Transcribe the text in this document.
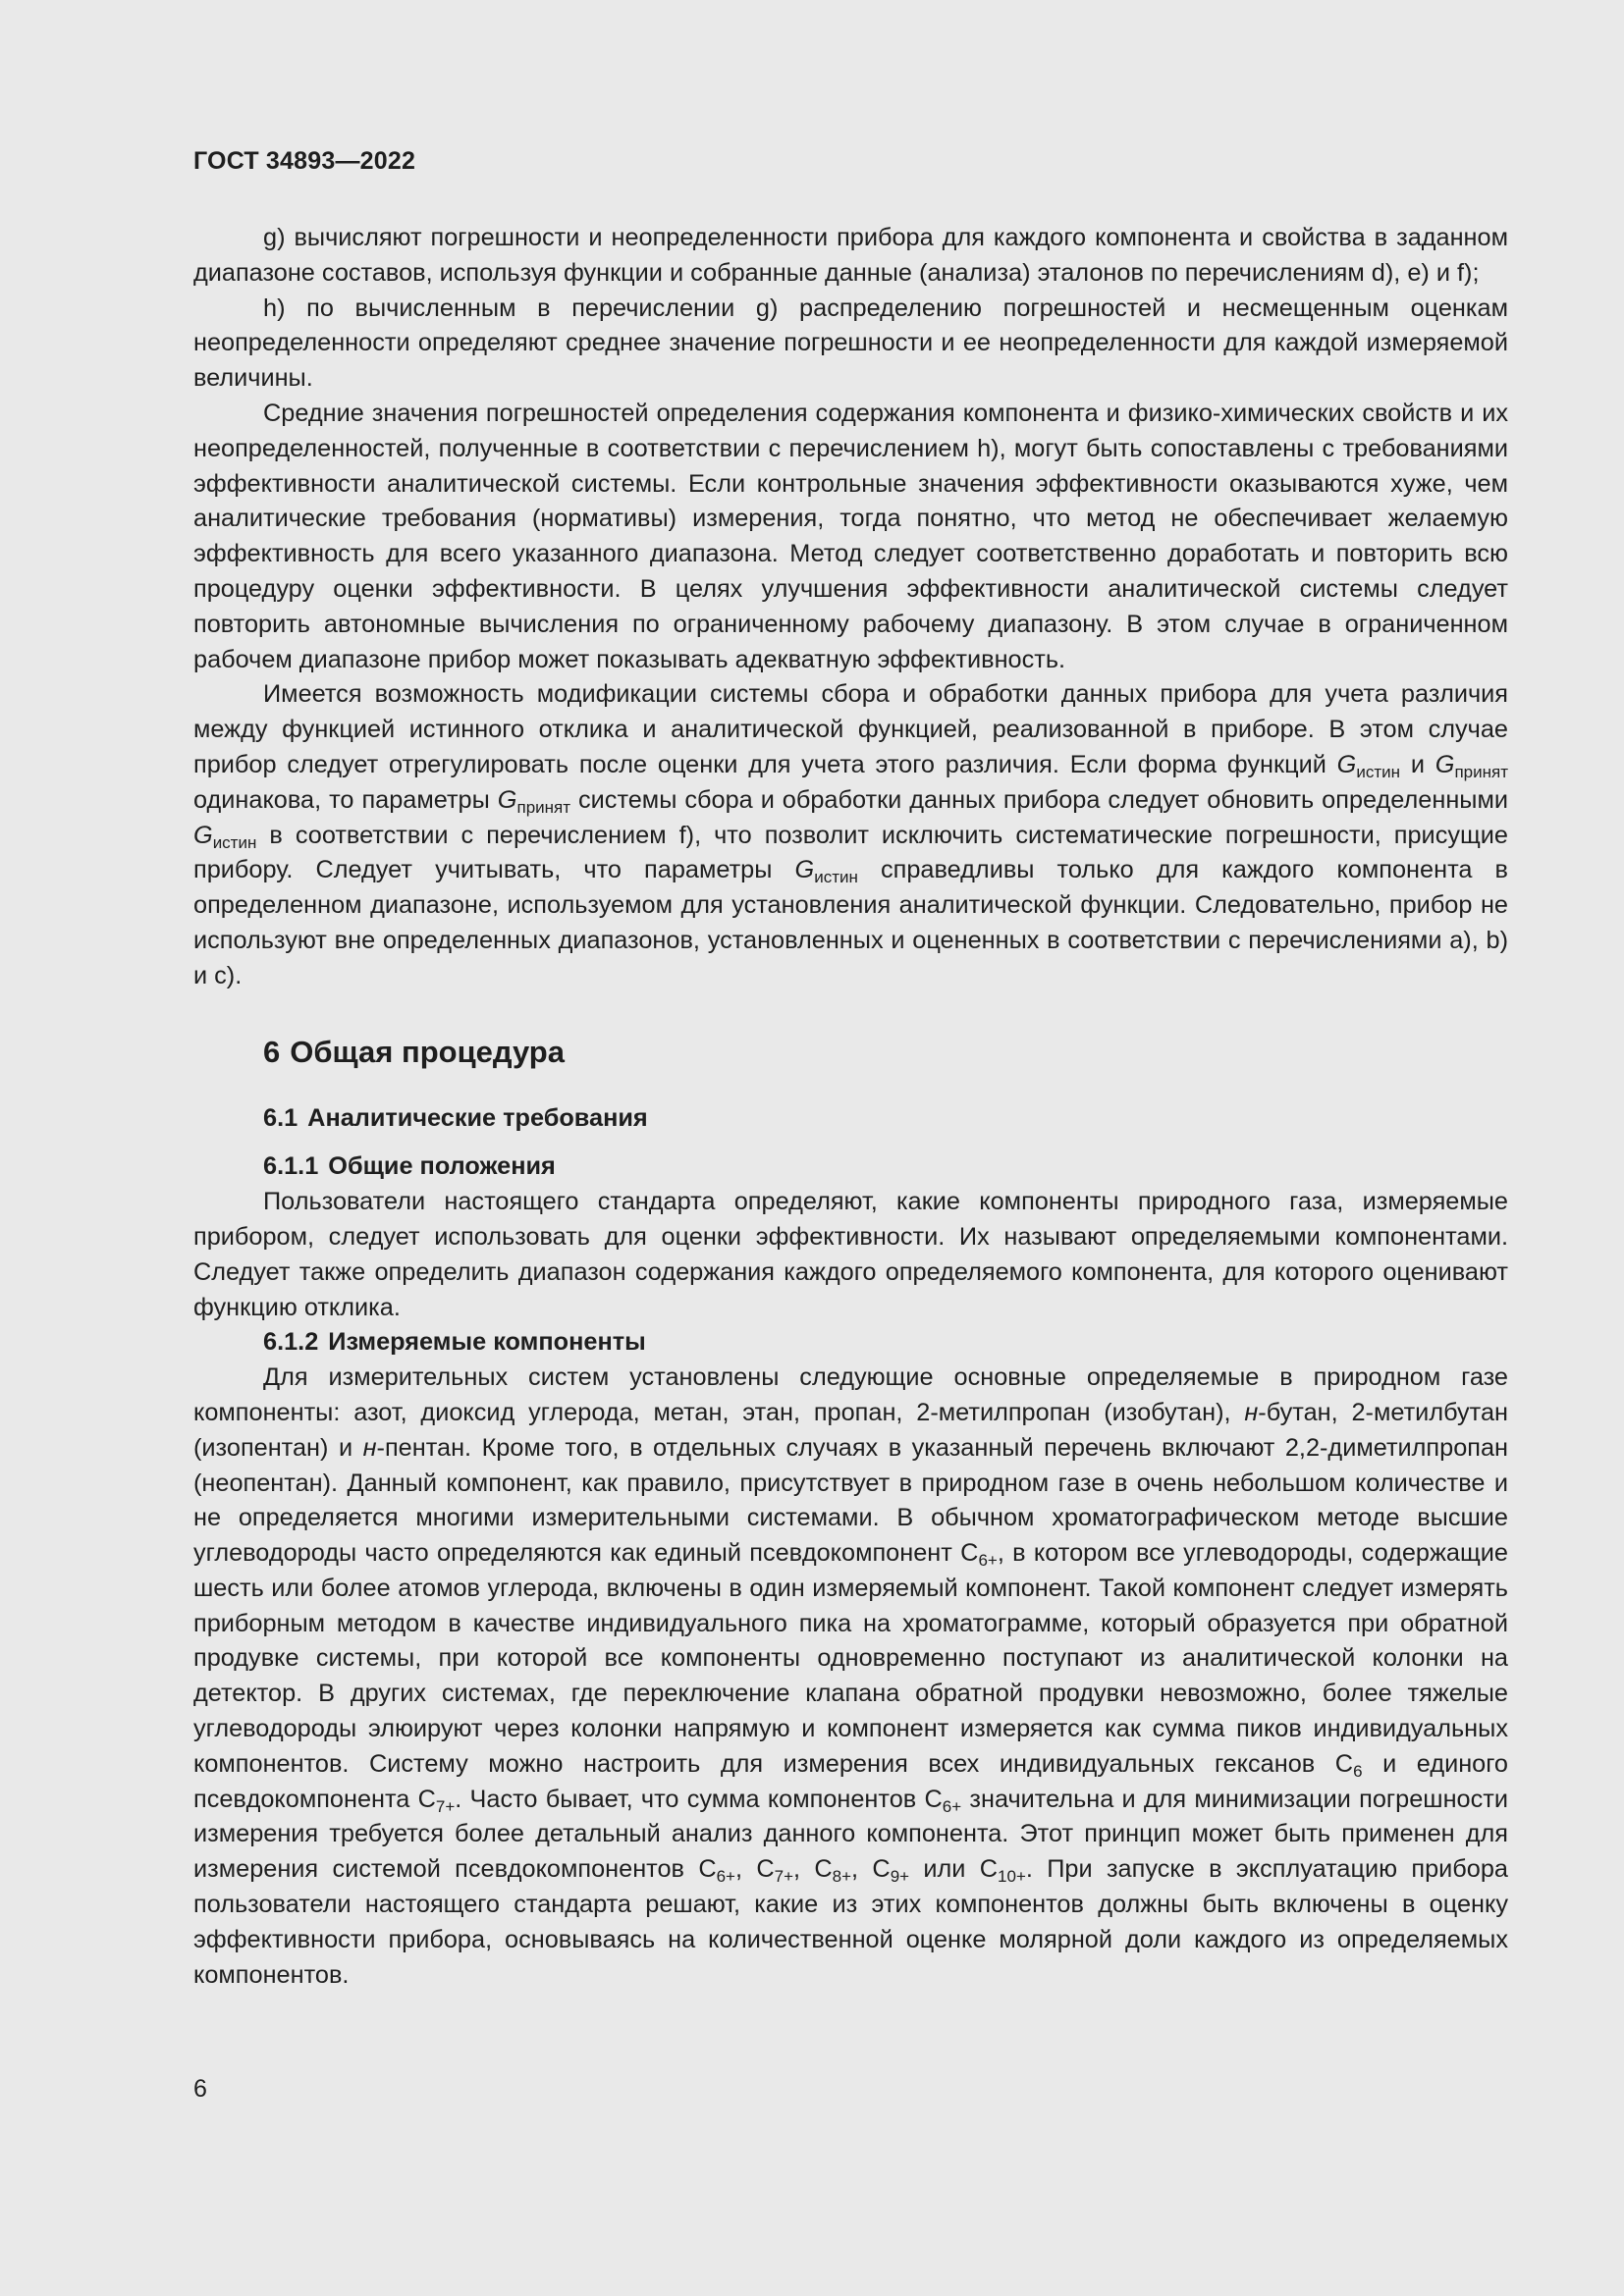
ГОСТ 34893—2022

g) вычисляют погрешности и неопределенности прибора для каждого компонента и свойства в заданном диапазоне составов, используя функции и собранные данные (анализа) эталонов по перечислениям d), e) и f);

h) по вычисленным в перечислении g) распределению погрешностей и несмещенным оценкам неопределенности определяют среднее значение погрешности и ее неопределенности для каждой измеряемой величины.

Средние значения погрешностей определения содержания компонента и физико-химических свойств и их неопределенностей, полученные в соответствии с перечислением h), могут быть сопоставлены с требованиями эффективности аналитической системы. Если контрольные значения эффективности оказываются хуже, чем аналитические требования (нормативы) измерения, тогда понятно, что метод не обеспечивает желаемую эффективность для всего указанного диапазона. Метод следует соответственно доработать и повторить всю процедуру оценки эффективности. В целях улучшения эффективности аналитической системы следует повторить автономные вычисления по ограниченному рабочему диапазону. В этом случае в ограниченном рабочем диапазоне прибор может показывать адекватную эффективность.

Имеется возможность модификации системы сбора и обработки данных прибора для учета различия между функцией истинного отклика и аналитической функцией, реализованной в приборе. В этом случае прибор следует отрегулировать после оценки для учета этого различия. Если форма функций $G_{истин}$ и $G_{принят}$ одинакова, то параметры $G_{принят}$ системы сбора и обработки данных прибора следует обновить определенными $G_{истин}$ в соответствии с перечислением f), что позволит исключить систематические погрешности, присущие прибору. Следует учитывать, что параметры $G_{истин}$ справедливы только для каждого компонента в определенном диапазоне, используемом для установления аналитической функции. Следовательно, прибор не используют вне определенных диапазонов, установленных и оцененных в соответствии с перечислениями a), b) и c).

6 Общая процедура
6.1 Аналитические требования
6.1.1 Общие положения

Пользователи настоящего стандарта определяют, какие компоненты природного газа, измеряемые прибором, следует использовать для оценки эффективности. Их называют определяемыми компонентами. Следует также определить диапазон содержания каждого определяемого компонента, для которого оценивают функцию отклика.

6.1.2 Измеряемые компоненты

Для измерительных систем установлены следующие основные определяемые в природном газе компоненты: азот, диоксид углерода, метан, этан, пропан, 2-метилпропан (изобутан), н-бутан, 2-метилбутан (изопентан) и н-пентан. Кроме того, в отдельных случаях в указанный перечень включают 2,2-диметилпропан (неопентан). Данный компонент, как правило, присутствует в природном газе в очень небольшом количестве и не определяется многими измерительными системами. В обычном хроматографическом методе высшие углеводороды часто определяются как единый псевдокомпонент $C_{6+}$, в котором все углеводороды, содержащие шесть или более атомов углерода, включены в один измеряемый компонент. Такой компонент следует измерять приборным методом в качестве индивидуального пика на хроматограмме, который образуется при обратной продувке системы, при которой все компоненты одновременно поступают из аналитической колонки на детектор. В других системах, где переключение клапана обратной продувки невозможно, более тяжелые углеводороды элюируют через колонки напрямую и компонент измеряется как сумма пиков индивидуальных компонентов. Систему можно настроить для измерения всех индивидуальных гексанов $C_6$ и единого псевдокомпонента $C_{7+}$. Часто бывает, что сумма компонентов $C_{6+}$ значительна и для минимизации погрешности измерения требуется более детальный анализ данного компонента. Этот принцип может быть применен для измерения системой псевдокомпонентов $C_{6+}$, $C_{7+}$, $C_{8+}$, $C_{9+}$ или $C_{10+}$. При запуске в эксплуатацию прибора пользователи настоящего стандарта решают, какие из этих компонентов должны быть включены в оценку эффективности прибора, основываясь на количественной оценке молярной доли каждого из определяемых компонентов.

6
